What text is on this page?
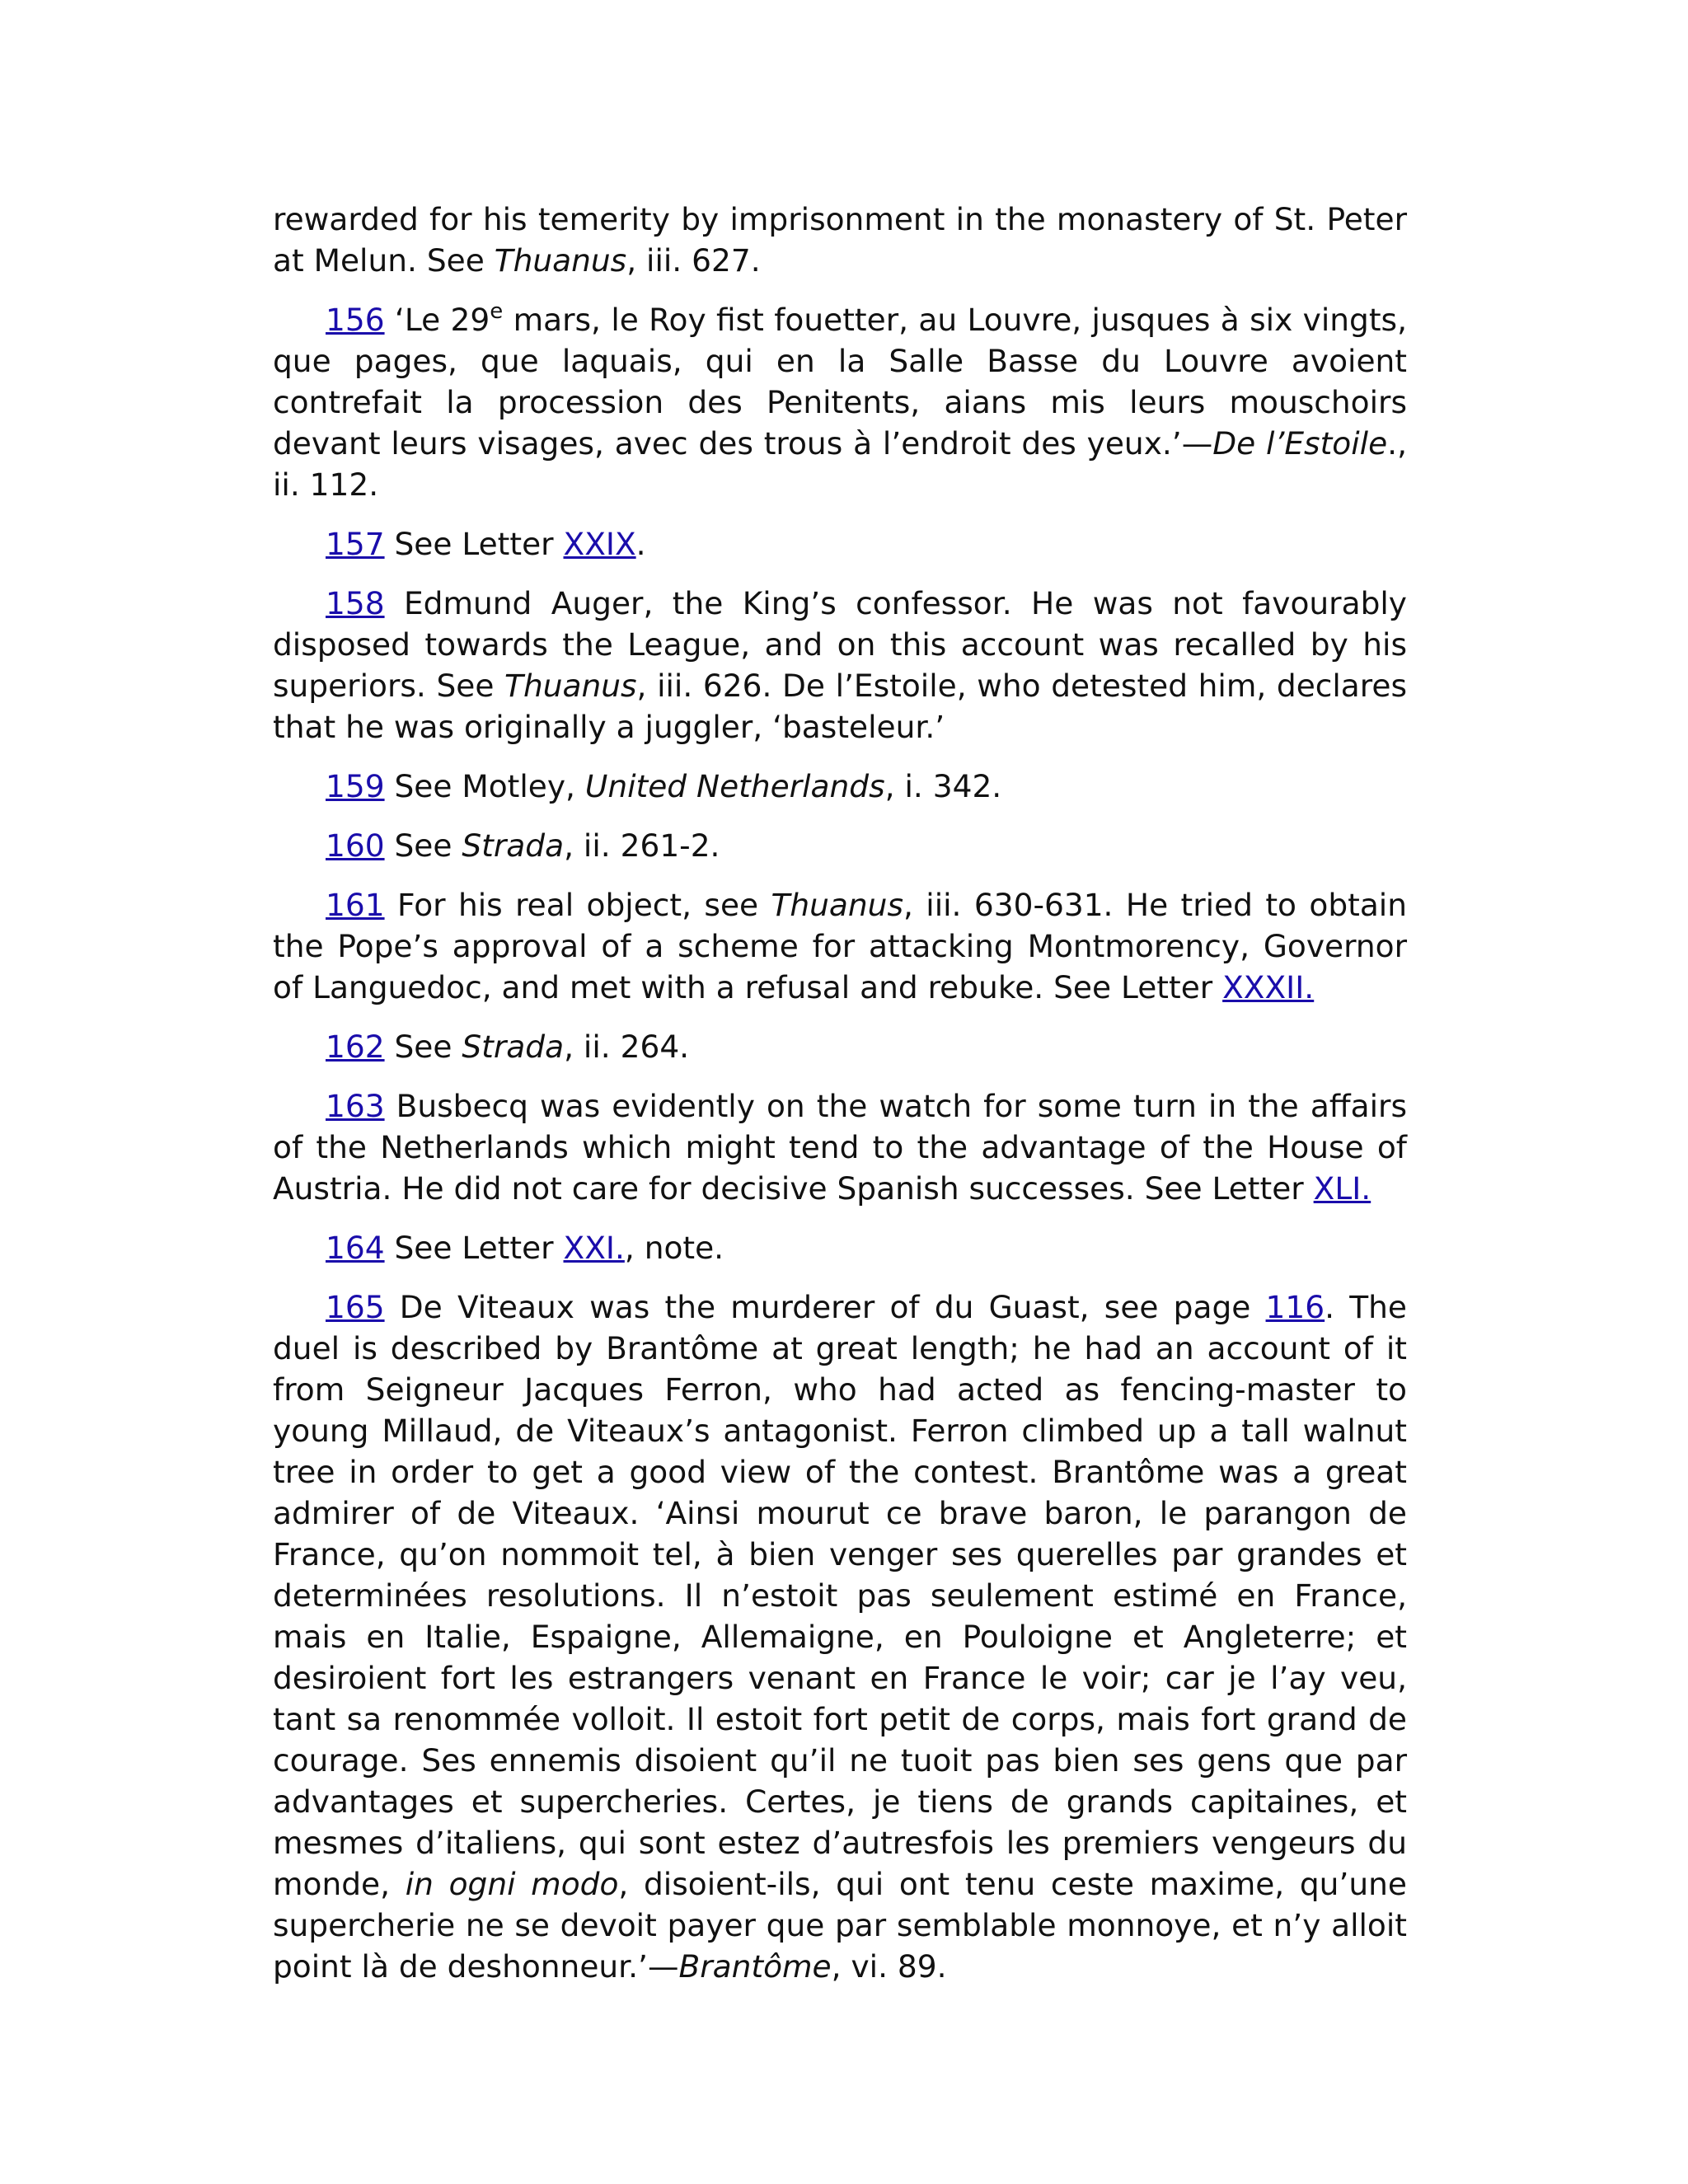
rewarded for his temerity by imprisonment in the monastery of St. Peter at Melun. See Thuanus, iii. 627.

156 ‘Le 29e mars, le Roy fist fouetter, au Louvre, jusques à six vingts, que pages, que laquais, qui en la Salle Basse du Louvre avoient contrefait la procession des Penitents, aians mis leurs mouschoirs devant leurs visages, avec des trous à l’endroit des yeux.’—De l’Estoile., ii. 112.

157 See Letter XXIX.

158 Edmund Auger, the King’s confessor. He was not favourably disposed towards the League, and on this account was recalled by his superiors. See Thuanus, iii. 626. De l’Estoile, who detested him, declares that he was originally a juggler, ‘basteleur.’

159 See Motley, United Netherlands, i. 342.

160 See Strada, ii. 261-2.

161 For his real object, see Thuanus, iii. 630-631. He tried to obtain the Pope’s approval of a scheme for attacking Montmorency, Governor of Languedoc, and met with a refusal and rebuke. See Letter XXXII.

162 See Strada, ii. 264.

163 Busbecq was evidently on the watch for some turn in the affairs of the Netherlands which might tend to the advantage of the House of Austria. He did not care for decisive Spanish successes. See Letter XLI.

164 See Letter XXI., note.

165 De Viteaux was the murderer of du Guast, see page 116. The duel is described by Brantôme at great length; he had an account of it from Seigneur Jacques Ferron, who had acted as fencing-master to young Millaud, de Viteaux’s antagonist. Ferron climbed up a tall walnut tree in order to get a good view of the contest. Brantôme was a great admirer of de Viteaux. ‘Ainsi mourut ce brave baron, le parangon de France, qu’on nommoit tel, à bien venger ses querelles par grandes et determinées resolutions. Il n’estoit pas seulement estimé en France, mais en Italie, Espaigne, Allemaigne, en Pouloigne et Angleterre; et desiroient fort les estrangers venant en France le voir; car je l’ay veu, tant sa renommée volloit. Il estoit fort petit de corps, mais fort grand de courage. Ses ennemis disoient qu’il ne tuoit pas bien ses gens que par advantages et supercheries. Certes, je tiens de grands capitaines, et mesmes d’italiens, qui sont estez d’autresfois les premiers vengeurs du monde, in ogni modo, disoient-ils, qui ont tenu ceste maxime, qu’une supercherie ne se devoit payer que par semblable monnoye, et n’y alloit point là de deshonneur.’—Brantôme, vi. 89.
